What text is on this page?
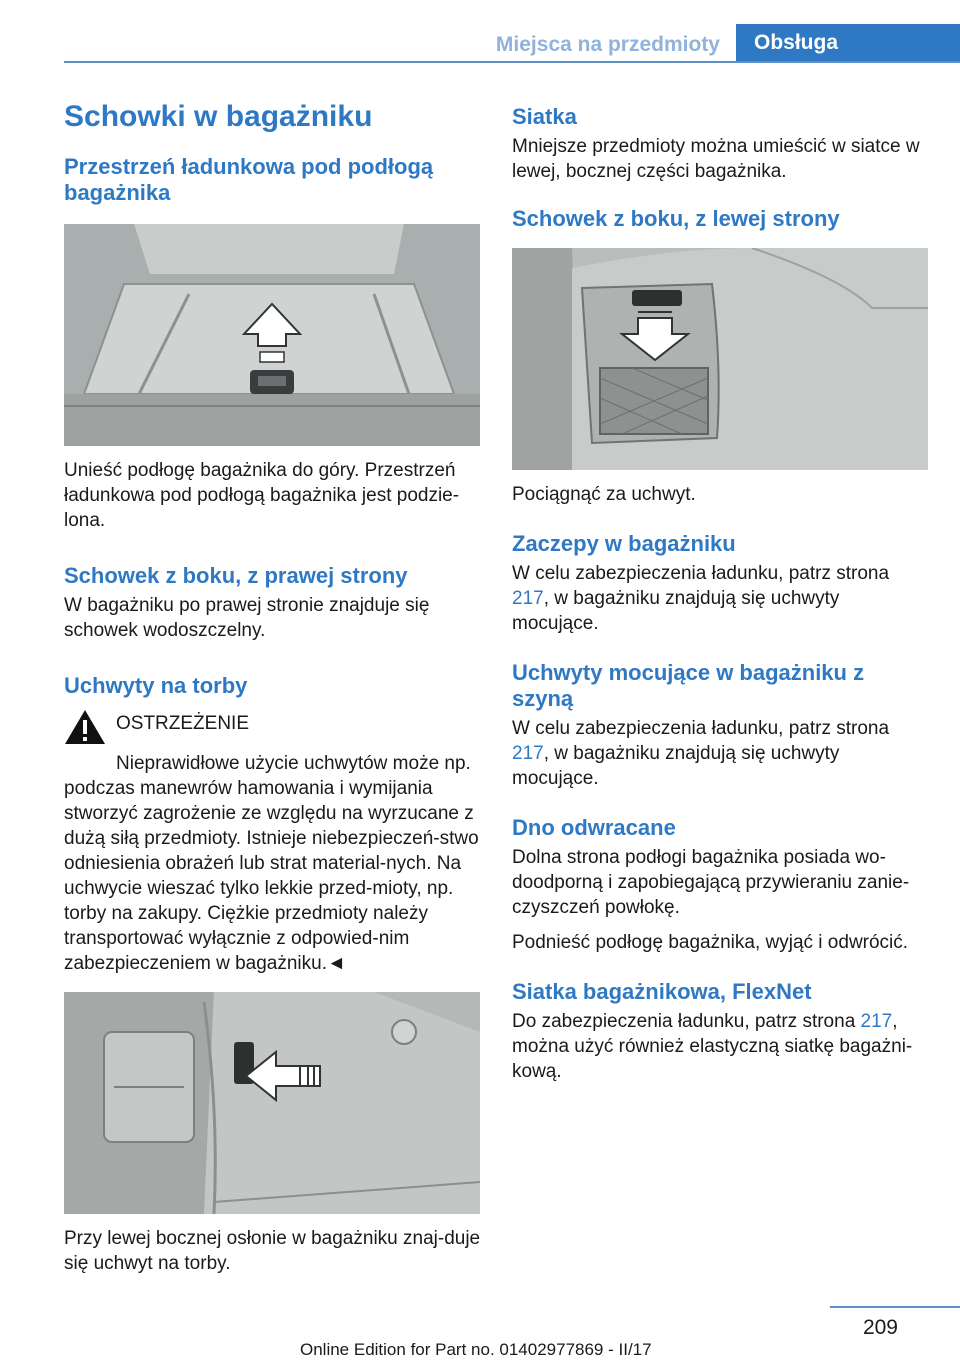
Miejsca na przedmioty	Obsługa
Schowki w bagażniku
Przestrzeń ładunkowa pod podłogą bagażnika

Unieść podłogę bagażnika do góry. Przestrzeń ładunkowa pod podłogą bagażnika jest podzie-lona.

Schowek z boku, z prawej strony

W bagażniku po prawej stronie znajduje się schowek wodoszczelny.

Uchwyty na torby

OSTRZEŻENIE

Nieprawidłowe użycie uchwytów może np. podczas manewrów hamowania i wymijania stworzyć zagrożenie ze względu na wyrzucane z dużą siłą przedmioty. Istnieje niebezpieczeń-stwo odniesienia obrażeń lub strat material-nych. Na uchwycie wieszać tylko lekkie przed-mioty, np. torby na zakupy. Ciężkie przedmioty należy transportować wyłącznie z odpowied-nim zabezpieczeniem w bagażniku.◄

Przy lewej bocznej osłonie w bagażniku znaj-duje się uchwyt na torby.

Siatka

Mniejsze przedmioty można umieścić w siatce w lewej, bocznej części bagażnika.

Schowek z boku, z lewej strony

Pociągnąć za uchwyt.

Zaczepy w bagażniku

W celu zabezpieczenia ładunku, patrz strona 217, w bagażniku znajdują się uchwyty mocujące.

Uchwyty mocujące w bagażniku z szyną

W celu zabezpieczenia ładunku, patrz strona 217, w bagażniku znajdują się uchwyty mocujące.

Dno odwracane

Dolna strona podłogi bagażnika posiada wo-doodporną i zapobiegającą przywieraniu zanie-czyszczeń powłokę.

Podnieść podłogę bagażnika, wyjąć i odwrócić.

Siatka bagażnikowa, FlexNet

Do zabezpieczenia ładunku, patrz strona 217, można użyć również elastyczną siatkę bagażni-kową.

209
Online Edition for Part no. 01402977869 - II/17
